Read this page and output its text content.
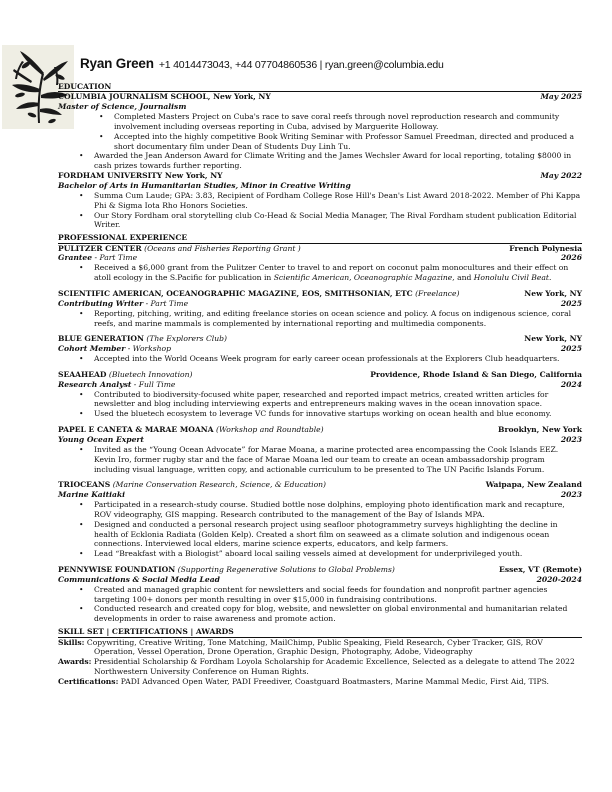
Ryan Green +1 4014473043, +44 07704860536 | ryan.green@columbia.edu
EDUCATION
COLUMBIA JOURNALISM SCHOOL, New York, NY	May 2025
Master of Science, Journalism
• Completed Masters Project on Cuba's race to save coral reefs through novel reproduction research and community involvement including overseas reporting in Cuba, advised by Marguerite Holloway.
• Accepted into the highly competitive Book Writing Seminar with Professor Samuel Freedman, directed and produced a short documentary film under Dean of Students Duy Linh Tu.
• Awarded the Jean Anderson Award for Climate Writing and the James Wechsler Award for local reporting, totaling $8000 in cash prizes towards further reporting.
FORDHAM UNIVERSITY New York, NY	May 2022
Bachelor of Arts in Humanitarian Studies, Minor in Creative Writing
• Summa Cum Laude; GPA: 3.83, Recipient of Fordham College Rose Hill's Dean's List Award 2018-2022. Member of Phi Kappa Phi & Sigma Iota Rho Honors Societies.
• Our Story Fordham oral storytelling club Co-Head & Social Media Manager, The Rival Fordham student publication Editorial Writer.
PROFESSIONAL EXPERIENCE
PULITZER CENTER (Oceans and Fisheries Reporting Grant )	French Polynesia
Grantee - Part Time	2026
• Received a $6,000 grant from the Pulitzer Center to travel to and report on coconut palm monocultures and their effect on atoll ecology in the S.Pacific for publication in Scientific American, Oceanographic Magazine, and Honolulu Civil Beat.
SCIENTIFIC AMERICAN, OCEANOGRAPHIC MAGAZINE, EOS, SMITHSONIAN, ETC (Freelance)	New York, NY
Contributing Writer - Part Time	2025
• Reporting, pitching, writing, and editing freelance stories on ocean science and policy. A focus on indigenous science, coral reefs, and marine mammals is complemented by international reporting and multimedia components.
BLUE GENERATION (The Explorers Club)	New York, NY
Cohort Member - Workshop	2025
• Accepted into the World Oceans Week program for early career ocean professionals at the Explorers Club headquarters.
SEAAHEAD (Bluetech Innovation)	Providence, Rhode Island & San Diego, California
Research Analyst - Full Time	2024
• Contributed to biodiversity-focused white paper, researched and reported impact metrics, created written articles for newsletter and blog including interviewing experts and entrepreneurs making waves in the ocean innovation space.
• Used the bluetech ecosystem to leverage VC funds for innovative startups working on ocean health and blue economy.
PAPEL E CANETA & MARAE MOANA (Workshop and Roundtable)	Brooklyn, New York
Young Ocean Expert	2023
• Invited as the “Young Ocean Advocate” for Marae Moana, a marine protected area encompassing the Cook Islands EEZ. Kevin Iro, former rugby star and the face of Marae Moana led our team to create an ocean ambassadorship program including visual language, written copy, and actionable curriculum to be presented to The UN Pacific Islands Forum.
TRIOCEANS (Marine Conservation Research, Science, & Education)	Waipapa, New Zealand
Marine Kaitiaki	2023
• Participated in a research-study course. Studied bottle nose dolphins, employing photo identification mark and recapture, ROV videography, GIS mapping. Research contributed to the management of the Bay of Islands MPA.
• Designed and conducted a personal research project using seafloor photogrammetry surveys highlighting the decline in health of Ecklonia Radiata (Golden Kelp). Created a short film on seaweed as a climate solution and indigenous ocean connections. Interviewed local elders, marine science experts, educators, and kelp farmers.
• Lead “Breakfast with a Biologist” aboard local sailing vessels aimed at development for underprivileged youth.
PENNYWISE FOUNDATION (Supporting Regenerative Solutions to Global Problems)	Essex, VT (Remote)
Communications & Social Media Lead	2020-2024
• Created and managed graphic content for newsletters and social feeds for foundation and nonprofit partner agencies targeting 100+ donors per month resulting in over $15,000 in fundraising contributions.
• Conducted research and created copy for blog, website, and newsletter on global environmental and humanitarian related developments in order to raise awareness and promote action.
SKILL SET | CERTIFICATIONS | AWARDS

Skills: Copywriting, Creative Writing, Tone Matching, MailChimp, Public Speaking, Field Research, Cyber Tracker, GIS, ROV Operation, Vessel Operation, Drone Operation, Graphic Design, Photography, Adobe, Videography

Awards: Presidential Scholarship & Fordham Loyola Scholarship for Academic Excellence, Selected as a delegate to attend The 2022 Northwestern University Conference on Human Rights.

Certifications: PADI Advanced Open Water, PADI Freediver, Coastguard Boatmasters, Marine Mammal Medic, First Aid, TIPS.
